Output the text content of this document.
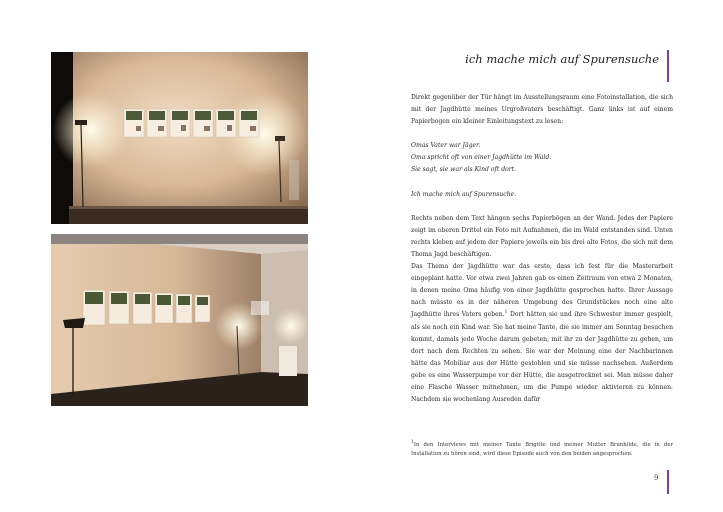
ich mache mich auf Spurensuche

Direkt gegenüber der Tür hängt im Ausstellungsraum eine Fotoinstallation, die sich mit der Jagdhütte meines Urgroßvaters beschäftigt. Ganz links ist auf einem Papierbogen ein kleiner Einleitungstext zu lesen:

Omas Vater war Jäger.

Oma spricht oft von einer Jagdhütte im Wald.

Sie sagt, sie war als Kind oft dort.

Ich mache mich auf Spurensuche.

Rechts neben dem Text hängen sechs Papierbögen an der Wand. Jedes der Papiere zeigt im oberen Drittel ein Foto mit Aufnahmen, die im Wald entstanden sind. Unten rechts kleben auf jedem der Papiere jeweils ein bis drei alte Fotos, die sich mit dem Thema Jagd beschäftigen.

Das Thema der Jagdhütte war das erste, dass ich fest für die Masterarbeit eingeplant hatte. Vor etwa zwei Jahren gab es einen Zeitraum von etwa 2 Monaten, in denen meine Oma häufig von einer Jagdhütte gesprochen hatte. Ihrer Aussage nach müsste es in der näheren Umgebung des Grundstückes noch eine alte Jagdhütte ihres Vaters geben.$^1$ Dort hätten sie und ihre Schwester immer gespielt, als sie noch ein Kind war. Sie hat meine Tante, die sie immer am Sonntag besuchen kommt, damals jede Woche darum gebeten, mit ihr zu der Jagdhütte zu gehen, um dort nach dem Rechten zu sehen. Sie war der Meinung eine der Nachbarinnen hätte das Mobiliar aus der Hütte gestohlen und sie müsse nachsehen. Außerdem gebe es eine Wasserpumpe vor der Hütte, die ausgetrocknet sei. Man müsse daher eine Flasche Wasser mitnehmen, um die Pumpe wieder aktivieren zu können. Nachdem sie wochenlang Ausreden dafür

$^1$In den Interviews mit meiner Tante Brigitte und meiner Mutter Brunhilde, die in der Installation zu hören sind, wird diese Episode auch von den beiden angesprochen.
9
